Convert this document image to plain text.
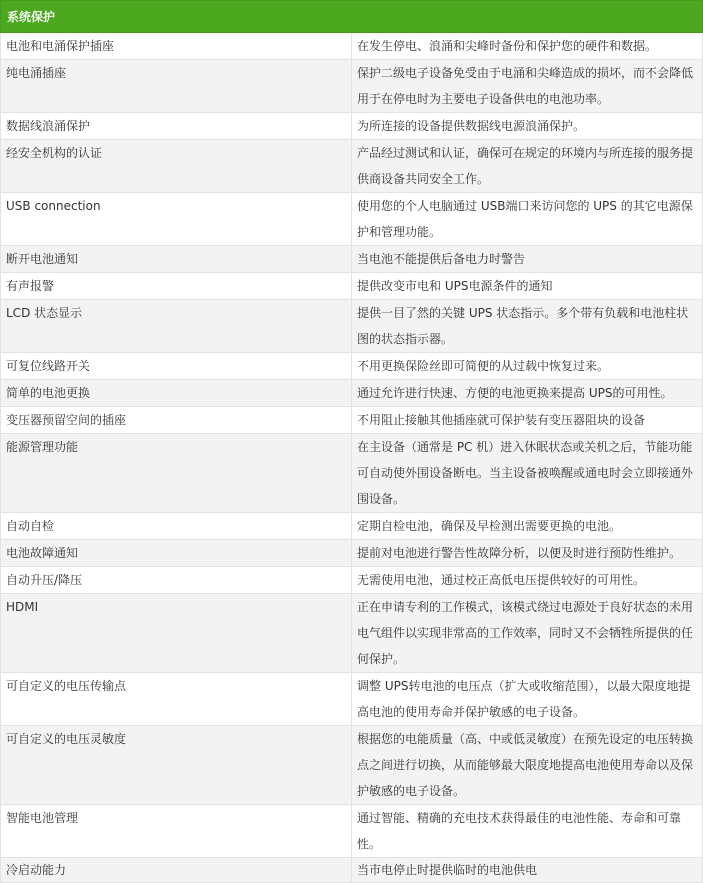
系统保护	
电池和电涌保护插座	在发生停电、浪涌和尖峰时备份和保护您的硬件和数据。
纯电涌插座	保护二级电子设备免受由于电涌和尖峰造成的损坏，而不会降低用于在停电时为主要电子设备供电的电池功率。
数据线浪涌保护	为所连接的设备提供数据线电源浪涌保护。
经安全机构的认证	产品经过测试和认证，确保可在规定的环境内与所连接的服务提供商设备共同安全工作。
USB connection	使用您的个人电脑通过 USB端口来访问您的 UPS 的其它电源保护和管理功能。
断开电池通知	当电池不能提供后备电力时警告
有声报警	提供改变市电和 UPS电源条件的通知
LCD 状态显示	提供一目了然的关键 UPS 状态指示。多个带有负载和电池柱状图的状态指示器。
可复位线路开关	不用更换保险丝即可简便的从过载中恢复过来。
简单的电池更换	通过允许进行快速、方便的电池更换来提高 UPS的可用性。
变压器预留空间的插座	不用阻止接触其他插座就可保护装有变压器阻块的设备
能源管理功能	在主设备（通常是 PC 机）进入休眠状态或关机之后，节能功能可自动使外围设备断电。当主设备被唤醒或通电时会立即接通外围设备。
自动自检	定期自检电池，确保及早检测出需要更换的电池。
电池故障通知	提前对电池进行警告性故障分析，以便及时进行预防性维护。
自动升压/降压	无需使用电池，通过校正高低电压提供较好的可用性。
HDMI	正在申请专利的工作模式，该模式绕过电源处于良好状态的未用电气组件以实现非常高的工作效率，同时又不会牺牲所提供的任何保护。
可自定义的电压传输点	调整 UPS转电池的电压点（扩大或收缩范围），以最大限度地提高电池的使用寿命并保护敏感的电子设备。
可自定义的电压灵敏度	根据您的电能质量（高、中或低灵敏度）在预先设定的电压转换点之间进行切换，从而能够最大限度地提高电池使用寿命以及保护敏感的电子设备。
智能电池管理	通过智能、精确的充电技术获得最佳的电池性能、寿命和可靠性。
冷启动能力	当市电停止时提供临时的电池供电
